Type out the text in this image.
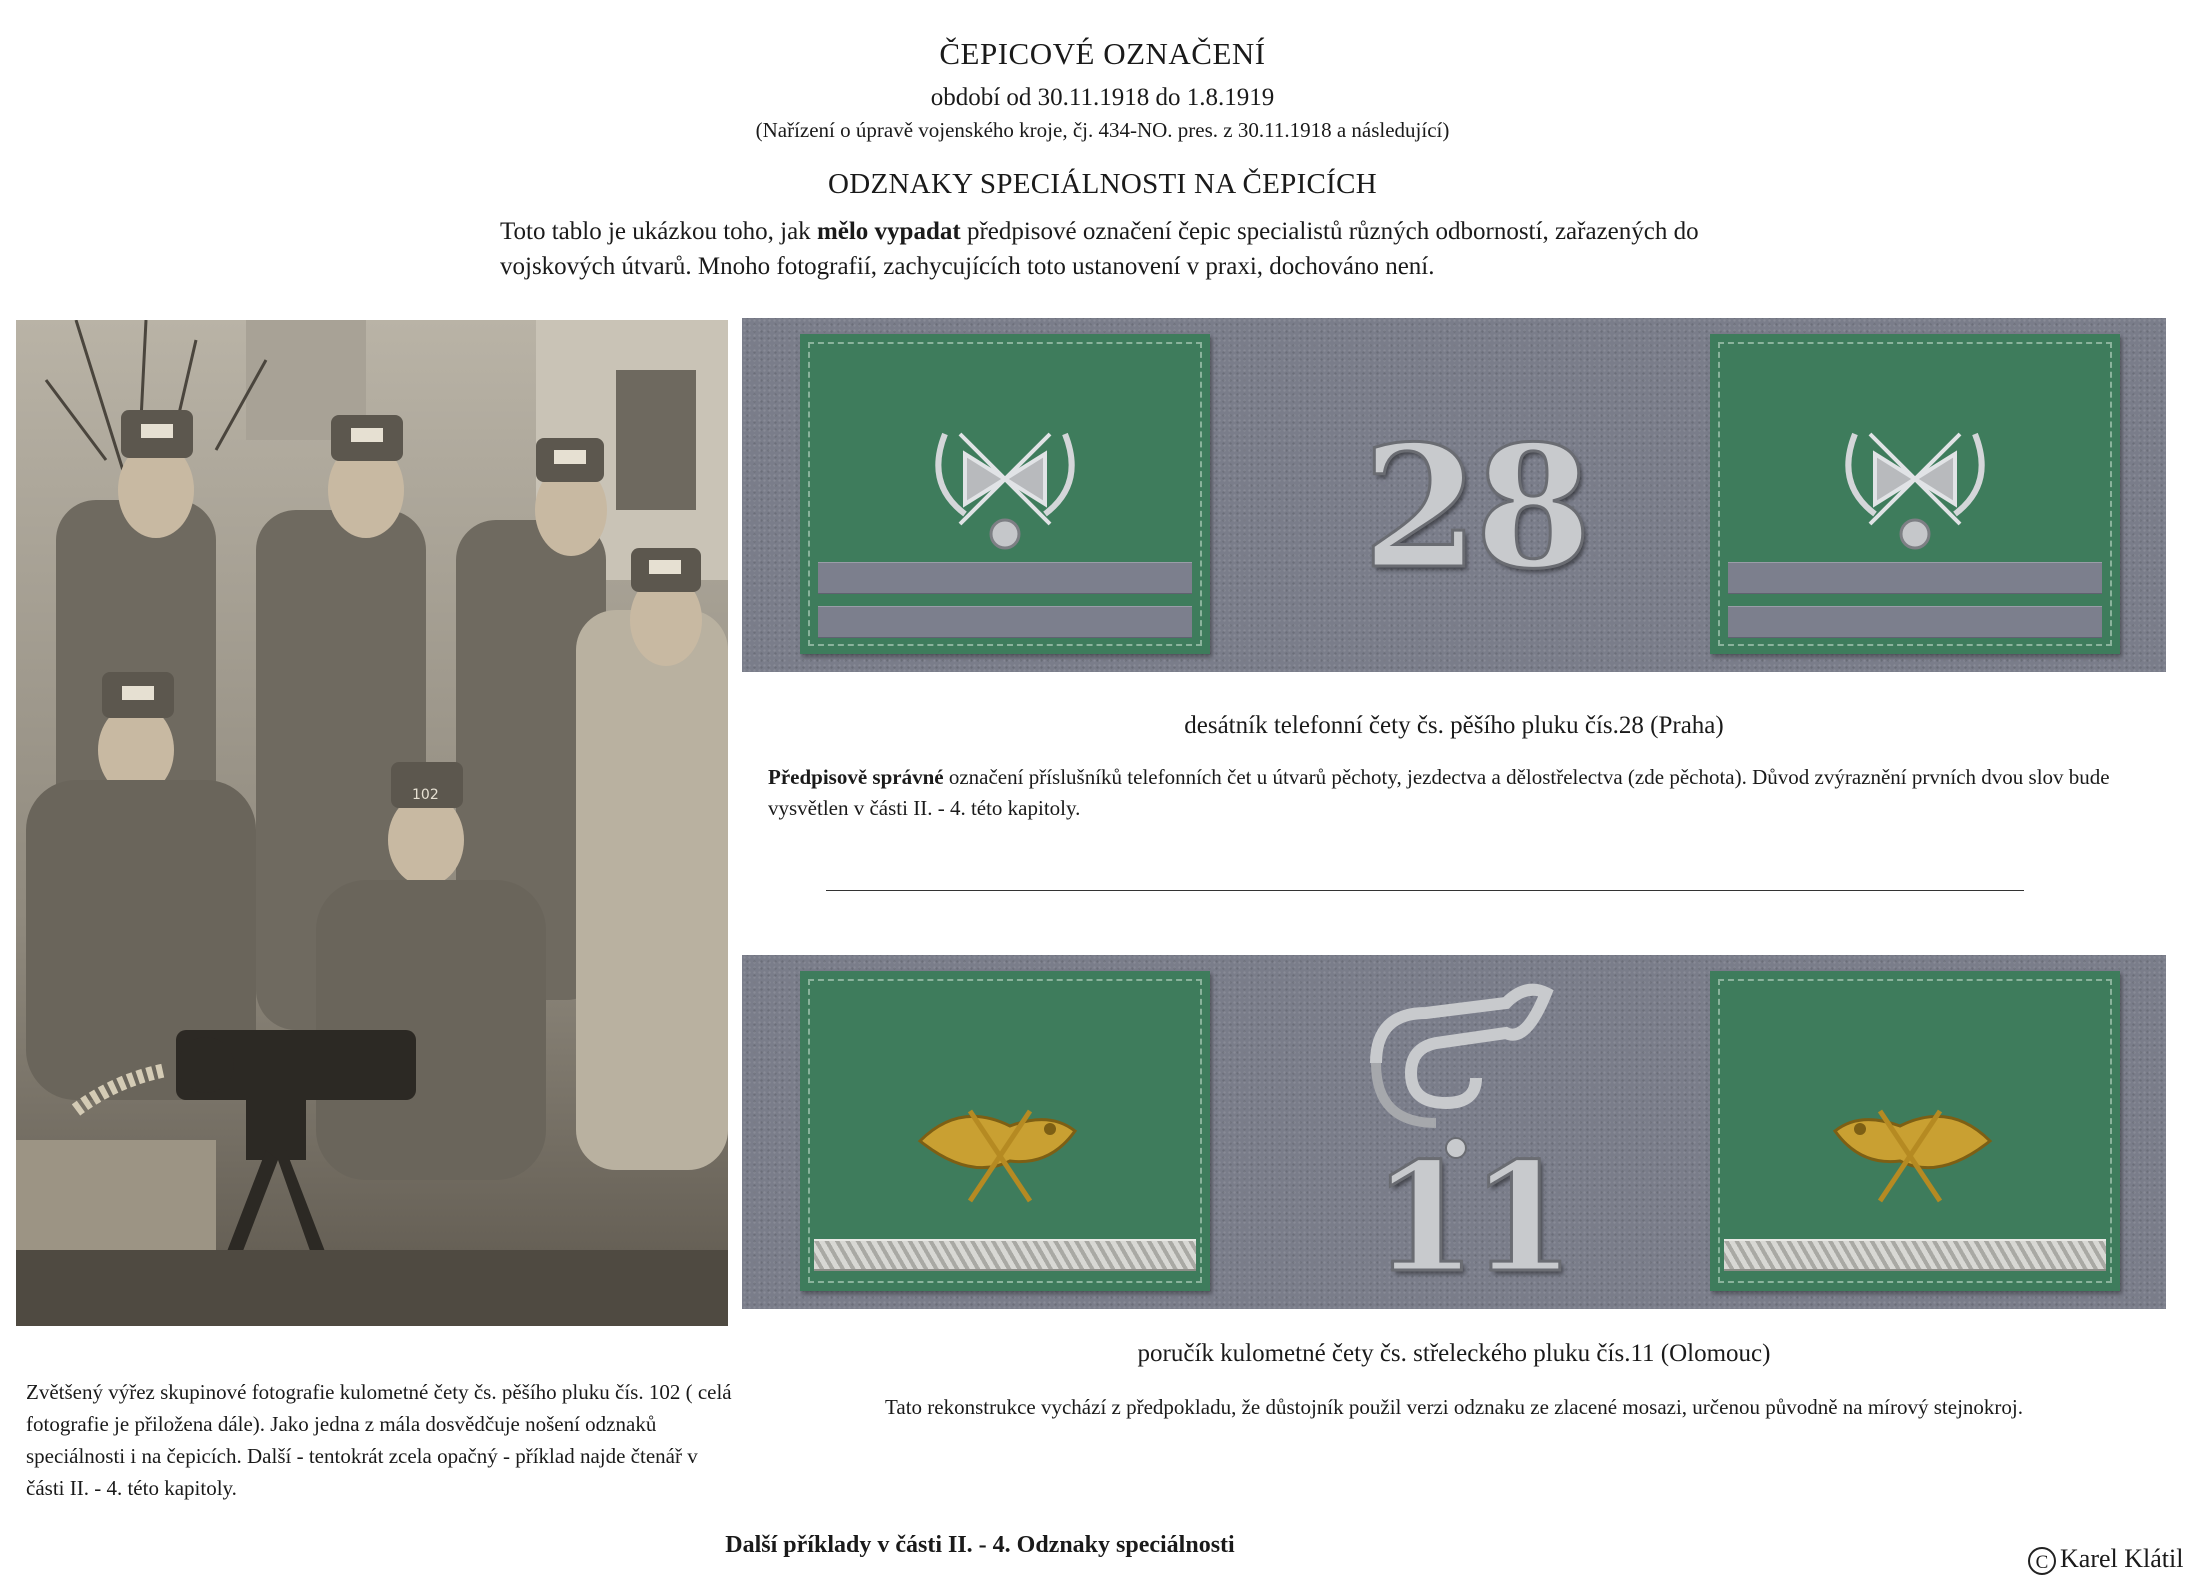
ČEPICOVÉ OZNAČENÍ
období od 30.11.1918 do 1.8.1919
(Nařízení o úpravě vojenského kroje, čj. 434-NO. pres. z 30.11.1918 a následující)
ODZNAKY SPECIÁLNOSTI NA ČEPICÍCH
Toto tablo je ukázkou toho, jak mělo vypadat předpisové označení čepic specialistů různých odborností, zařazených do vojskových útvarů. Mnoho fotografií, zachycujících toto ustanovení v praxi, dochováno není.
102
28
desátník telefonní čety čs. pěšího pluku čís.28 (Praha)
Předpisově správné označení příslušníků telefonních čet u útvarů pěchoty, jezdectva a dělostřelectva (zde pěchota). Důvod zvýraznění prvních dvou slov bude vysvětlen v části II. - 4. této kapitoly.
11
poručík kulometné čety čs. střeleckého pluku čís.11 (Olomouc)
Tato rekonstrukce vychází z předpokladu, že důstojník použil verzi odznaku ze zlacené mosazi, určenou původně na mírový stejnokroj.
Zvětšený výřez skupinové fotografie kulometné čety čs. pěšího pluku čís. 102 ( celá fotografie je přiložena dále). Jako jedna z mála dosvědčuje nošení odznaků speciálnosti i na čepicích. Další - tentokrát zcela opačný - příklad najde čtenář v části II. - 4. této kapitoly.
Další příklady v části II. - 4. Odznaky speciálnosti
C Karel Klátil
